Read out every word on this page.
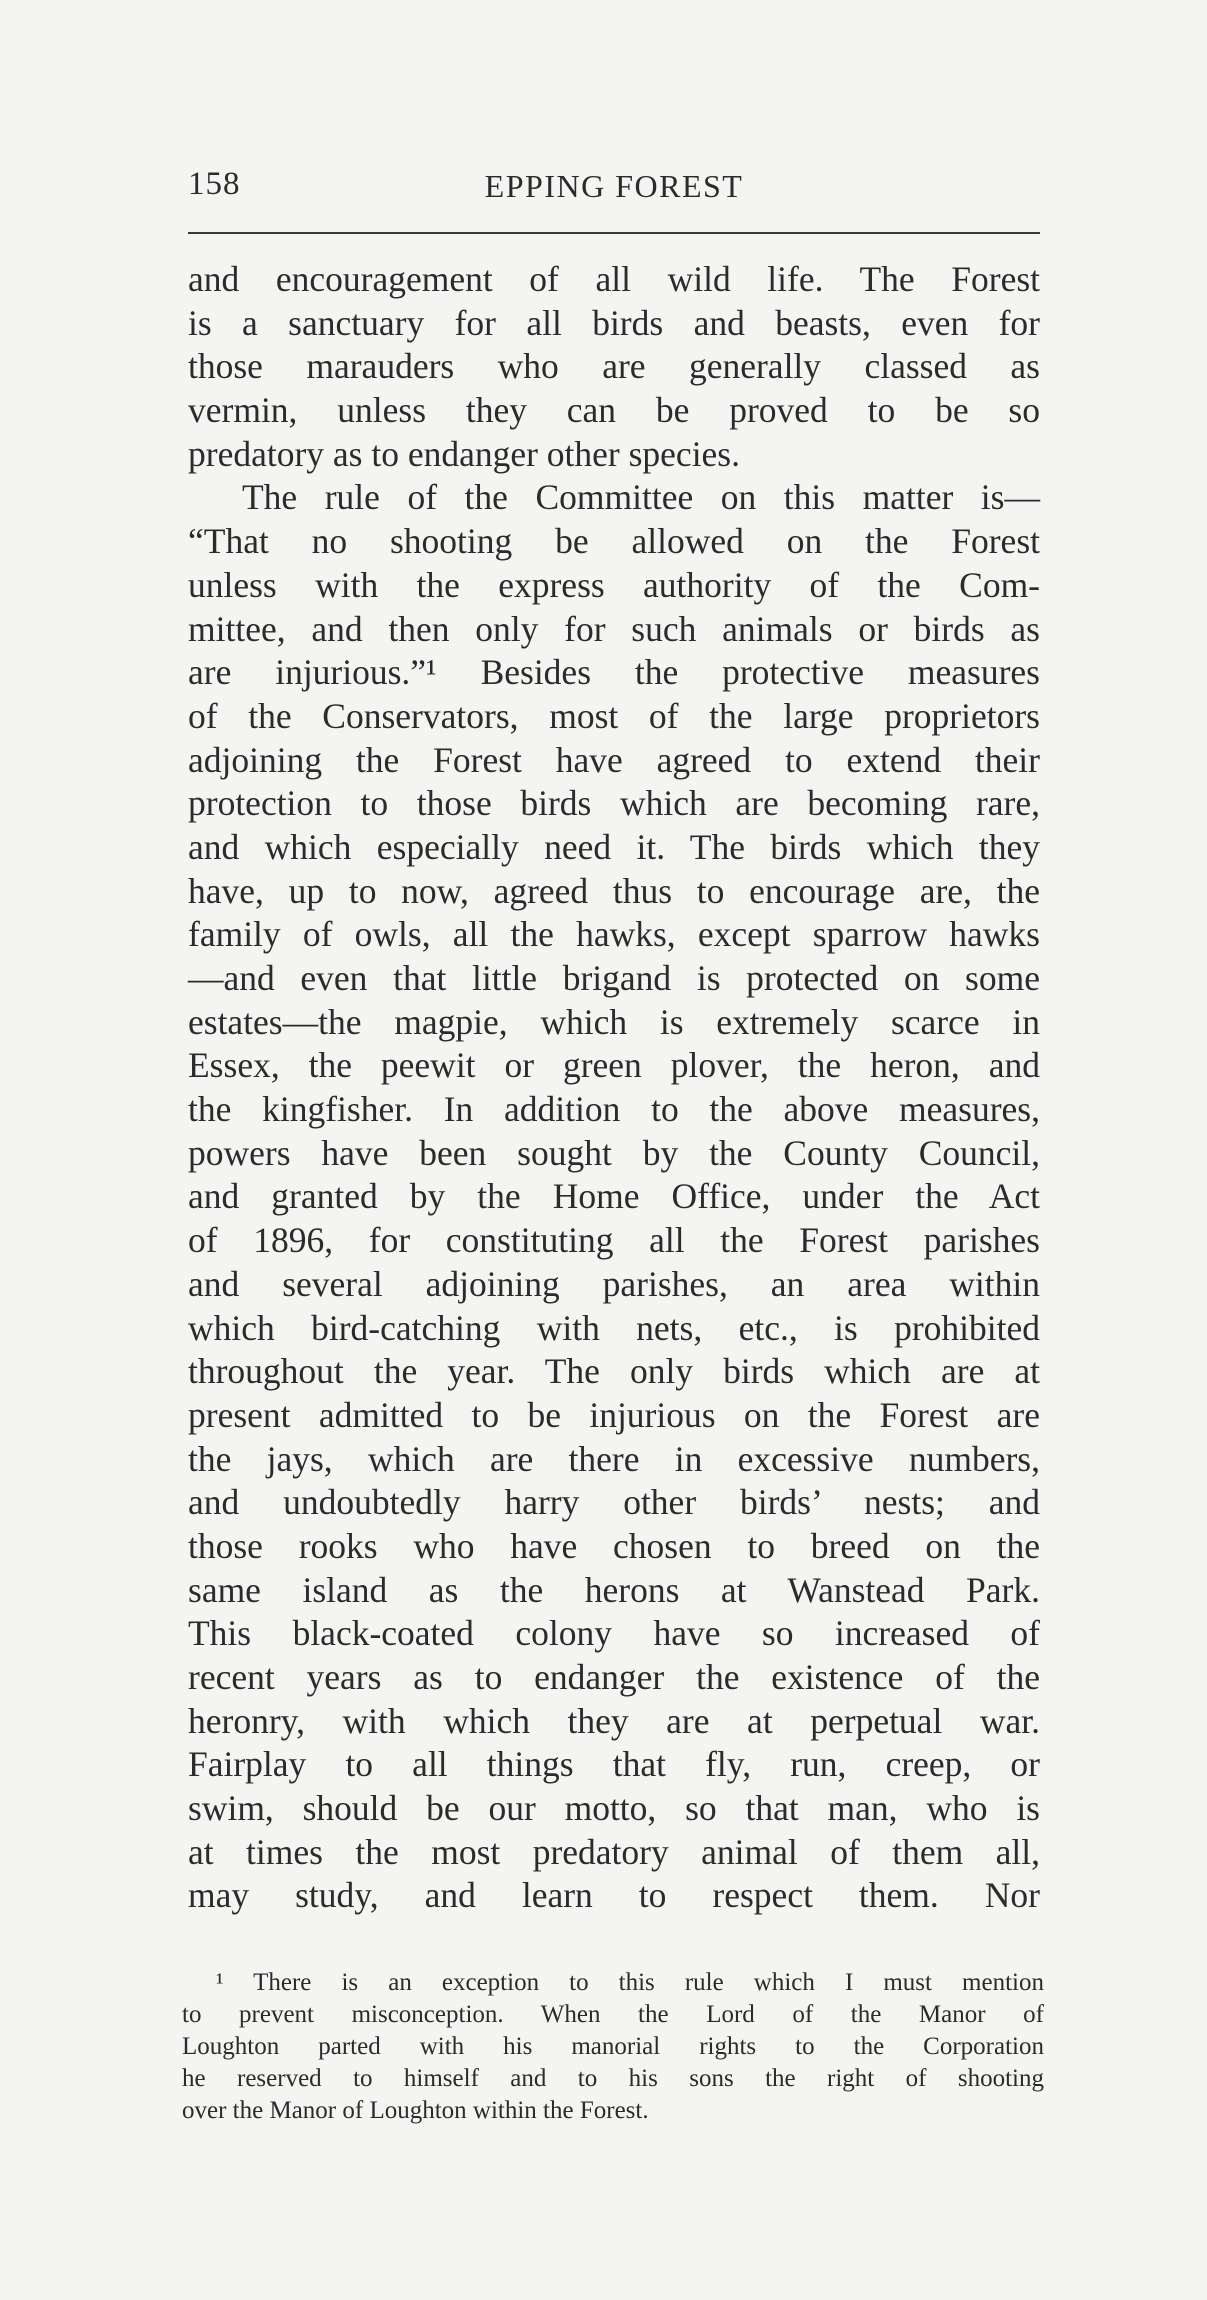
158	EPPING FOREST
and encouragement of all wild life. The Forest
is a sanctuary for all birds and beasts, even for
those marauders who are generally classed as
vermin, unless they can be proved to be so
predatory as to endanger other species.
The rule of the Committee on this matter is—
“That no shooting be allowed on the Forest
unless with the express authority of the Com-
mittee, and then only for such animals or birds as
are injurious.”¹ Besides the protective measures
of the Conservators, most of the large proprietors
adjoining the Forest have agreed to extend their
protection to those birds which are becoming rare,
and which especially need it. The birds which they
have, up to now, agreed thus to encourage are, the
family of owls, all the hawks, except sparrow hawks
—and even that little brigand is protected on some
estates—the magpie, which is extremely scarce in
Essex, the peewit or green plover, the heron, and
the kingfisher. In addition to the above measures,
powers have been sought by the County Council,
and granted by the Home Office, under the Act
of 1896, for constituting all the Forest parishes
and several adjoining parishes, an area within
which bird-catching with nets, etc., is prohibited
throughout the year. The only birds which are at
present admitted to be injurious on the Forest are
the jays, which are there in excessive numbers,
and undoubtedly harry other birds’ nests; and
those rooks who have chosen to breed on the
same island as the herons at Wanstead Park.
This black-coated colony have so increased of
recent years as to endanger the existence of the
heronry, with which they are at perpetual war.
Fairplay to all things that fly, run, creep, or
swim, should be our motto, so that man, who is
at times the most predatory animal of them all,
may study, and learn to respect them. Nor
¹ There is an exception to this rule which I must mention
to prevent misconception. When the Lord of the Manor of
Loughton parted with his manorial rights to the Corporation
he reserved to himself and to his sons the right of shooting
over the Manor of Loughton within the Forest.
